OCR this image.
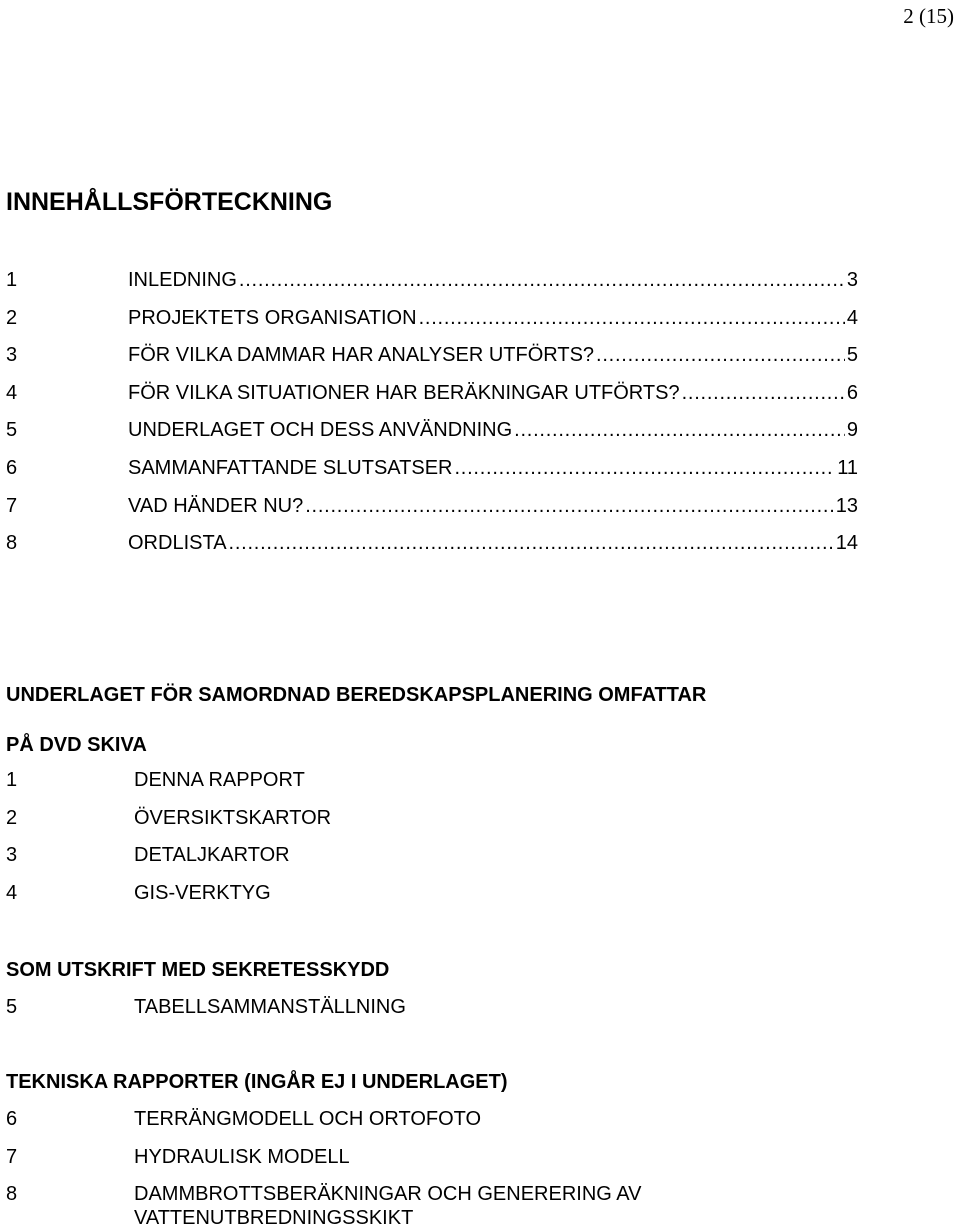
2 (15)
INNEHÅLLSFÖRTECKNING
1	INLEDNING . . .	3
2	PROJEKTETS ORGANISATION . . .	4
3	FÖR VILKA DAMMAR HAR ANALYSER UTFÖRTS? . . .	5
4	FÖR VILKA SITUATIONER HAR BERÄKNINGAR UTFÖRTS? . . .	6
5	UNDERLAGET OCH DESS ANVÄNDNING . . .	9
6	SAMMANFATTANDE SLUTSATSER . . .	11
7	VAD HÄNDER NU? . . .	13
8	ORDLISTA . . .	14
UNDERLAGET FÖR SAMORDNAD BEREDSKAPSPLANERING OMFATTAR
PÅ DVD SKIVA
1	DENNA RAPPORT
2	ÖVERSIKTSKARTOR
3	DETALJKARTOR
4	GIS-VERKTYG
SOM UTSKRIFT MED SEKRETESSKYDD
5	TABELLSAMMANSTÄLLNING
TEKNISKA RAPPORTER (INGÅR EJ I UNDERLAGET)
6	TERRÄNGMODELL OCH ORTOFOTO
7	HYDRAULISK MODELL
8	DAMMBROTTSBERÄKNINGAR OCH GENERERING AV VATTENUTBREDNINGSSKIKT
